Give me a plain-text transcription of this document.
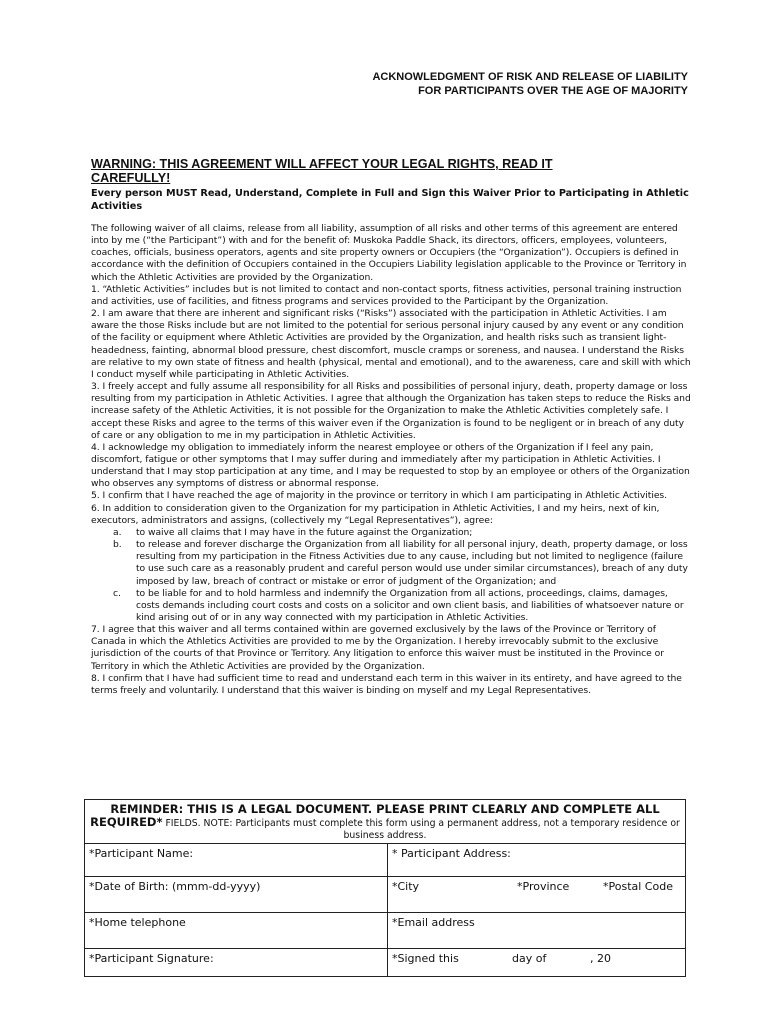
ACKNOWLEDGMENT OF RISK AND RELEASE OF LIABILITY
FOR PARTICIPANTS OVER THE AGE OF MAJORITY
WARNING: THIS AGREEMENT WILL AFFECT YOUR LEGAL RIGHTS, READ IT CAREFULLY!
Every person MUST Read, Understand, Complete in Full and Sign this Waiver Prior to Participating in Athletic Activities

The following waiver of all claims, release from all liability, assumption of all risks and other terms of this agreement are entered into by me (“the Participant”) with and for the benefit of: Muskoka Paddle Shack, its directors, officers, employees, volunteers, coaches, officials, business operators, agents and site property owners or Occupiers (the “Organization”). Occupiers is defined in accordance with the definition of Occupiers contained in the Occupiers Liability legislation applicable to the Province or Territory in which the Athletic Activities are provided by the Organization.

1. “Athletic Activities” includes but is not limited to contact and non-contact sports, fitness activities, personal training instruction and activities, use of facilities, and fitness programs and services provided to the Participant by the Organization.

2. I am aware that there are inherent and significant risks (“Risks”) associated with the participation in Athletic Activities. I am aware the those Risks include but are not limited to the potential for serious personal injury caused by any event or any condition of the facility or equipment where Athletic Activities are provided by the Organization, and health risks such as transient light-headedness, fainting, abnormal blood pressure, chest discomfort, muscle cramps or soreness, and nausea. I understand the Risks are relative to my own state of fitness and health (physical, mental and emotional), and to the awareness, care and skill with which I conduct myself while participating in Athletic Activities.

3. I freely accept and fully assume all responsibility for all Risks and possibilities of personal injury, death, property damage or loss resulting from my participation in Athletic Activities. I agree that although the Organization has taken steps to reduce the Risks and increase safety of the Athletic Activities, it is not possible for the Organization to make the Athletic Activities completely safe. I accept these Risks and agree to the terms of this waiver even if the Organization is found to be negligent or in breach of any duty of care or any obligation to me in my participation in Athletic Activities.

4. I acknowledge my obligation to immediately inform the nearest employee or others of the Organization if I feel any pain, discomfort, fatigue or other symptoms that I may suffer during and immediately after my participation in Athletic Activities. I understand that I may stop participation at any time, and I may be requested to stop by an employee or others of the Organization who observes any symptoms of distress or abnormal response.

5. I confirm that I have reached the age of majority in the province or territory in which I am participating in Athletic Activities.

6. In addition to consideration given to the Organization for my participation in Athletic Activities, I and my heirs, next of kin, executors, administrators and assigns, (collectively my “Legal Representatives”), agree:

a.	to waive all claims that I may have in the future against the Organization;
b.	to release and forever discharge the Organization from all liability for all personal injury, death, property damage, or loss resulting from my participation in the Fitness Activities due to any cause, including but not limited to negligence (failure to use such care as a reasonably prudent and careful person would use under similar circumstances), breach of any duty imposed by law, breach of contract or mistake or error of judgment of the Organization; and
c.	to be liable for and to hold harmless and indemnify the Organization from all actions, proceedings, claims, damages, costs demands including court costs and costs on a solicitor and own client basis, and liabilities of whatsoever nature or kind arising out of or in any way connected with my participation in Athletic Activities.

7. I agree that this waiver and all terms contained within are governed exclusively by the laws of the Province or Territory of Canada in which the Athletics Activities are provided to me by the Organization. I hereby irrevocably submit to the exclusive jurisdiction of the courts of that Province or Territory. Any litigation to enforce this waiver must be instituted in the Province or Territory in which the Athletic Activities are provided by the Organization.

8. I confirm that I have had sufficient time to read and understand each term in this waiver in its entirety, and have agreed to the terms freely and voluntarily. I understand that this waiver is binding on myself and my Legal Representatives.

REMINDER: THIS IS A LEGAL DOCUMENT. PLEASE PRINT CLEARLY AND COMPLETE ALL
REQUIRED* FIELDS. NOTE: Participants must complete this form using a permanent address, not a temporary residence or business address.
*Participant Name:	* Participant Address:
*Date of Birth: (mmm-dd-yyyy)	*City	*Province	*Postal Code
*Home telephone	*Email address
*Participant Signature:	*Signed this	day of	, 20
